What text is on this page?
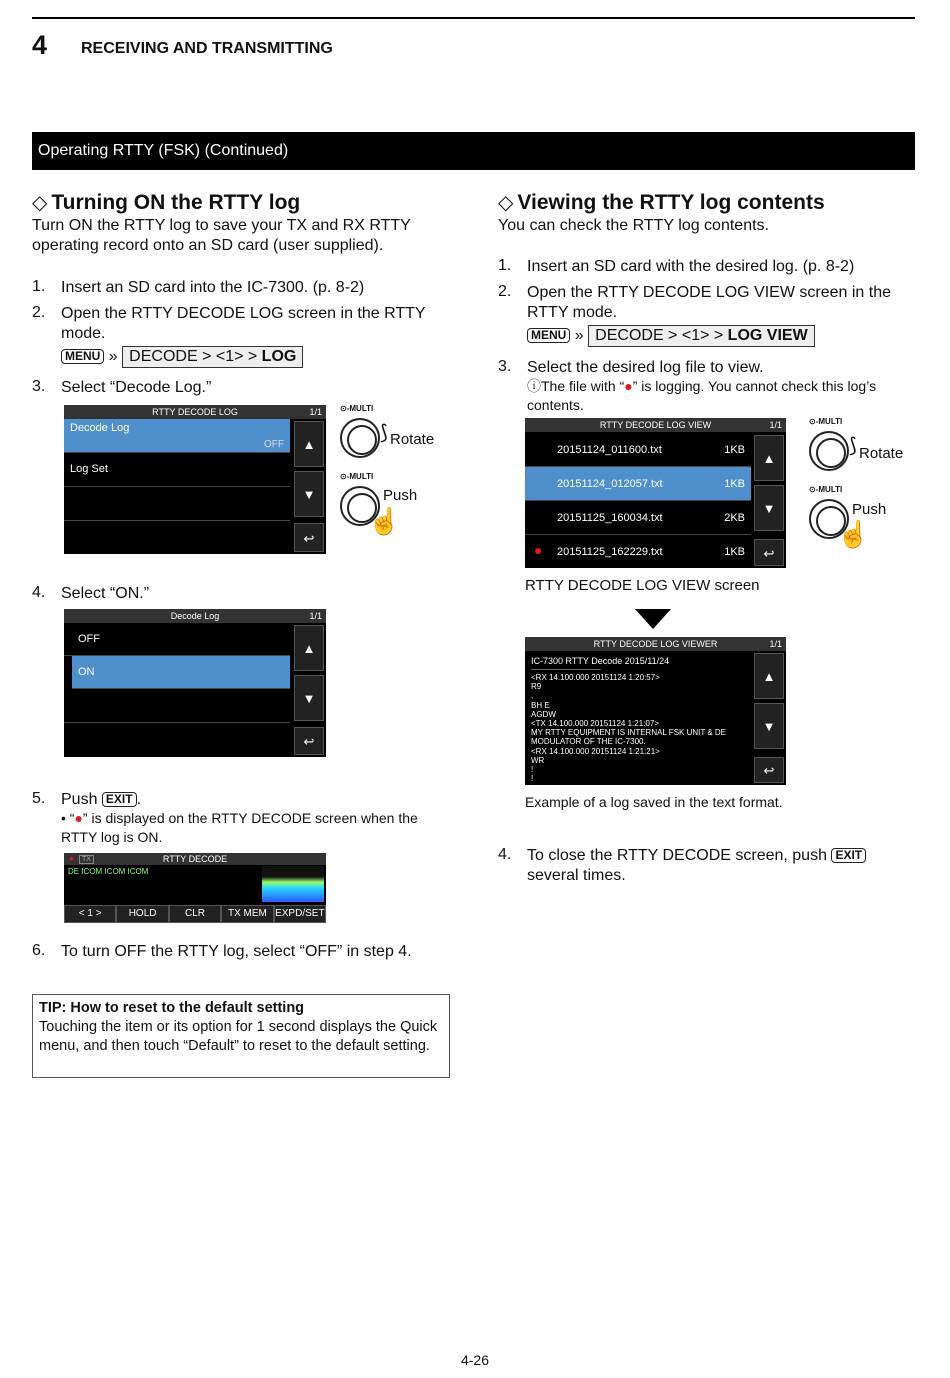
4 RECEIVING AND TRANSMITTING
Operating RTTY (FSK) (Continued)
◇ Turning ON the RTTY log
Turn ON the RTTY log to save your TX and RX RTTY operating record onto an SD card (user supplied).
1. Insert an SD card into the IC-7300. (p. 8-2)
2. Open the RTTY DECODE LOG screen in the RTTY mode.
MENU » DECODE > <1> > LOG
3. Select “Decode Log.”
RTTY DECODE LOG	1/1
Decode Log
OFF
Log Set
▲
▼
↩
⊙-MULTI
⟆ Rotate
⊙-MULTI
☝
Push
4. Select “ON.”
Decode Log	1/1
OFF
ON
▲
▼
↩
5. Push EXIT .
• “●” is displayed on the RTTY DECODE screen when the RTTY log is ON.
RTTY DECODE
●	TX
DE ICOM ICOM ICOM
< 1 >	HOLD	CLR	TX MEM EXPD/SET
6. To turn OFF the RTTY log, select “OFF” in step 4.
TIP: How to reset to the default setting
Touching the item or its option for 1 second displays the Quick menu, and then touch “Default” to reset to the default setting.
◇ Viewing the RTTY log contents
You can check the RTTY log contents.
1. Insert an SD card with the desired log. (p. 8-2)
2. Open the RTTY DECODE LOG VIEW screen in the RTTY mode.
MENU » DECODE > <1> > LOG VIEW
3. Select the desired log file to view.
ⓘThe file with “●” is logging. You cannot check this log’s contents.
RTTY DECODE LOG VIEW	1/1
20151124_011600.txt	1KB
20151124_012057.txt	1KB
20151125_160034.txt	2KB
● 20151125_162229.txt	1KB
▲
▼
↩
⊙-MULTI
⟆ Rotate
⊙-MULTI
☝
Push
RTTY DECODE LOG VIEW screen
RTTY DECODE LOG VIEWER	1/1
IC-7300 RTTY Decode 2015/11/24
-----------------------------------
<RX 14.100.000 20151124 1:20:57>
R9
,
BH E
AGDW
<TX 14.100.000 20151124 1:21:07>
MY RTTY EQUIPMENT IS INTERNAL FSK UNIT & DE
MODULATOR OF THE IC-7300.
<RX 14.100.000 20151124 1:21:21>
WR
!
!
▲
▼
↩
Example of a log saved in the text format.
4. To close the RTTY DECODE screen, push EXIT several times.
4-26
